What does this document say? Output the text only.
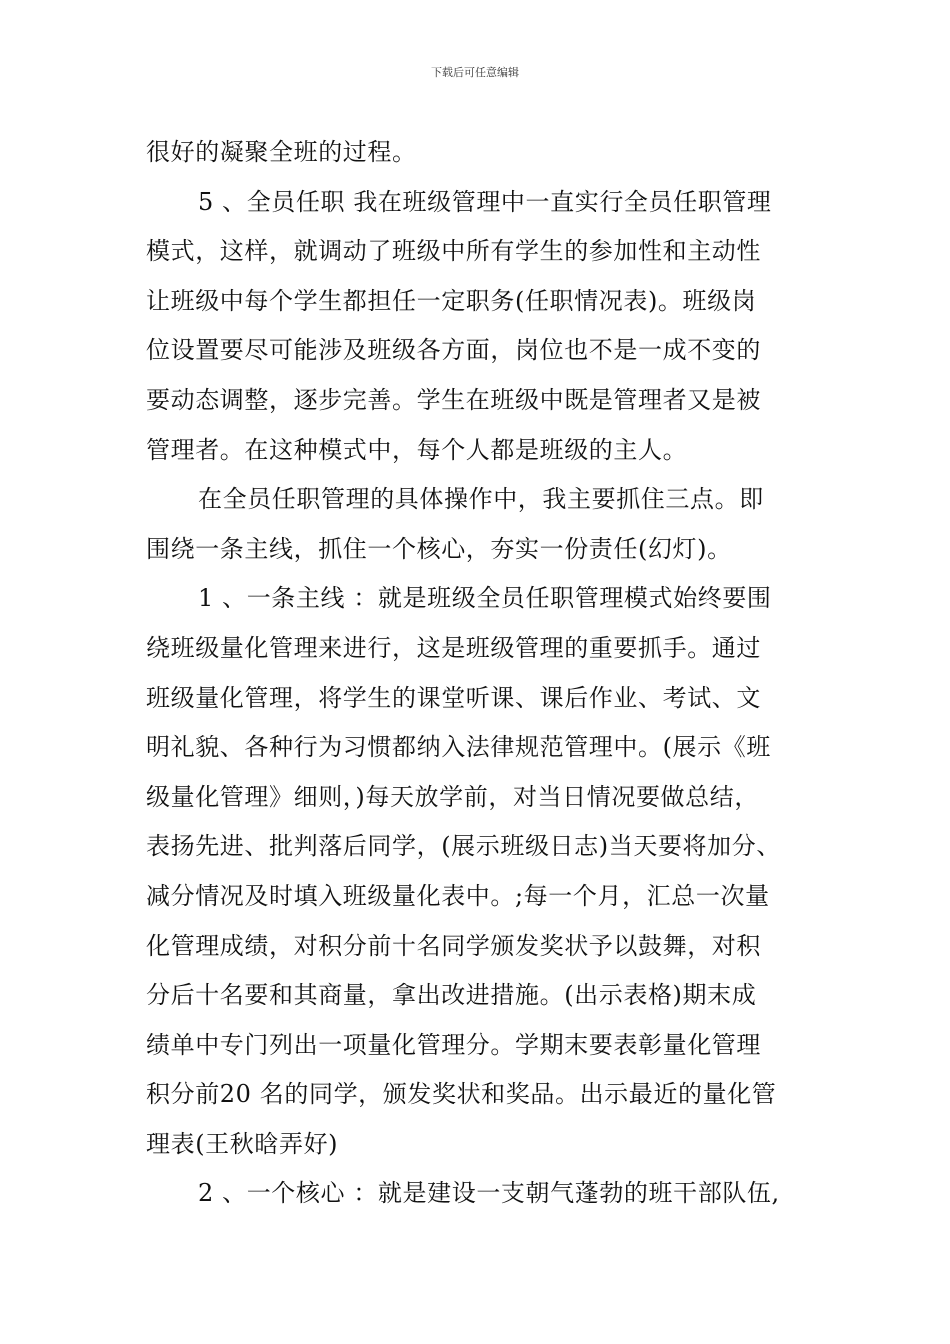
下载后可任意编辑
很好的凝聚全班的过程。
5 、全员任职 我在班级管理中一直实行全员任职管理
模式，这样，就调动了班级中所有学生的参加性和主动性
让班级中每个学生都担任一定职务(任职情况表)。班级岗
位设置要尽可能涉及班级各方面，岗位也不是一成不变的
要动态调整，逐步完善。学生在班级中既是管理者又是被
管理者。在这种模式中，每个人都是班级的主人。
在全员任职管理的具体操作中，我主要抓住三点。即
围绕一条主线，抓住一个核心，夯实一份责任(幻灯)。
1 、一条主线 ：就是班级全员任职管理模式始终要围
绕班级量化管理来进行，这是班级管理的重要抓手。通过
班级量化管理，将学生的课堂听课、课后作业、考试、文
明礼貌、各种行为习惯都纳入法律规范管理中。(展示《班
级量化管理》细则，)每天放学前，对当日情况要做总结，
表扬先进、批判落后同学，(展示班级日志)当天要将加分、
减分情况及时填入班级量化表中。;每一个月，汇总一次量
化管理成绩，对积分前十名同学颁发奖状予以鼓舞，对积
分后十名要和其商量，拿出改进措施。(出示表格)期末成
绩单中专门列出一项量化管理分。学期末要表彰量化管理
积分前20 名的同学，颁发奖状和奖品。出示最近的量化管
理表(王秋晗弄好)
2 、一个核心 ：就是建设一支朝气蓬勃的班干部队伍,
